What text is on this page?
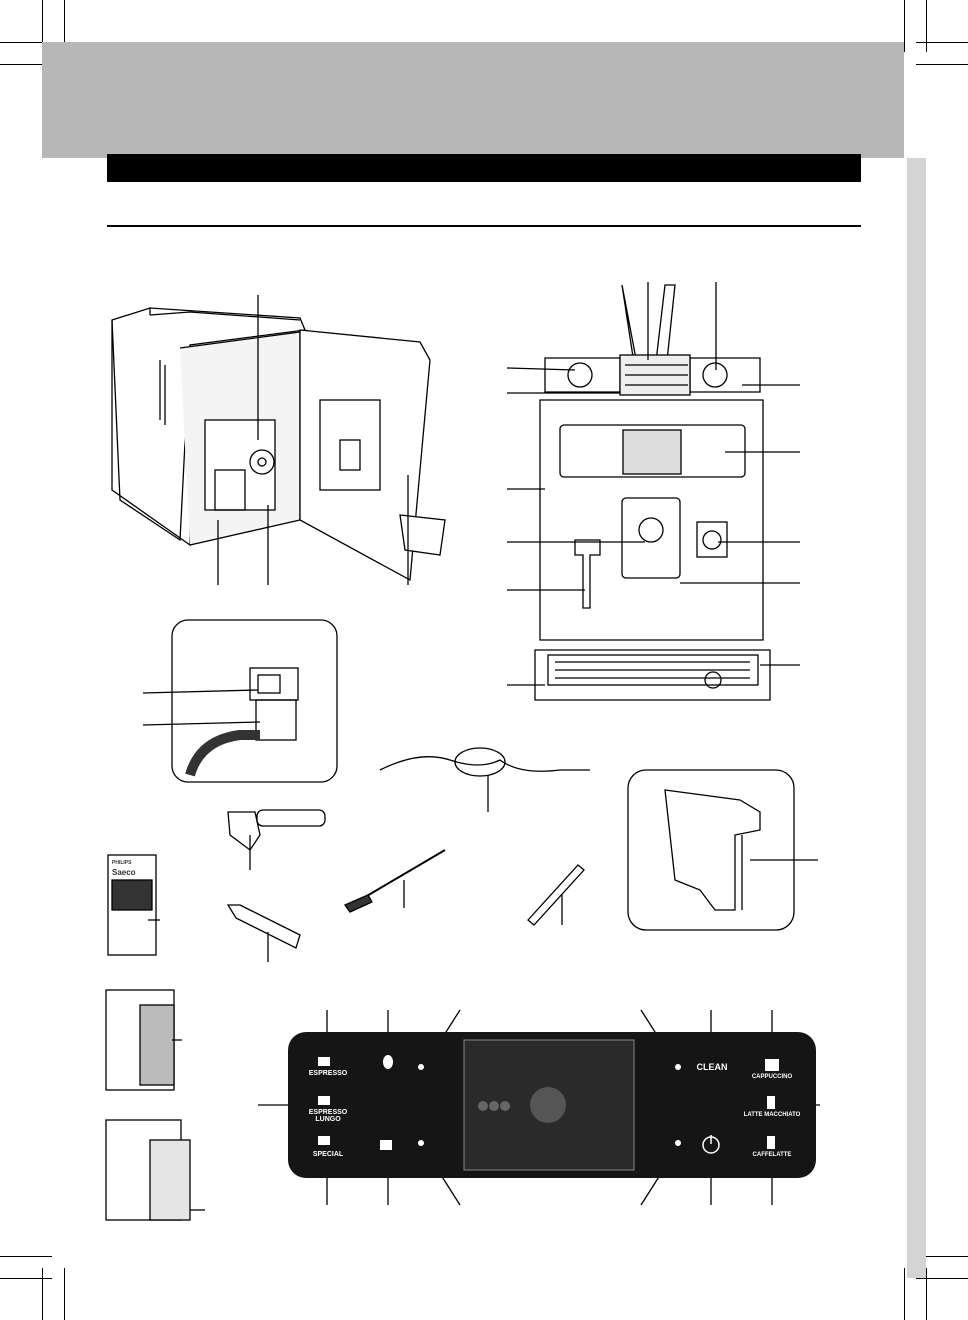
ESPRESSO
ESPRESSO LUNGO
SPECIAL
CLEAN
CAPPUCCINO
LATTE MACCHIATO
CAFFELATTE
PHILIPS
Saeco
